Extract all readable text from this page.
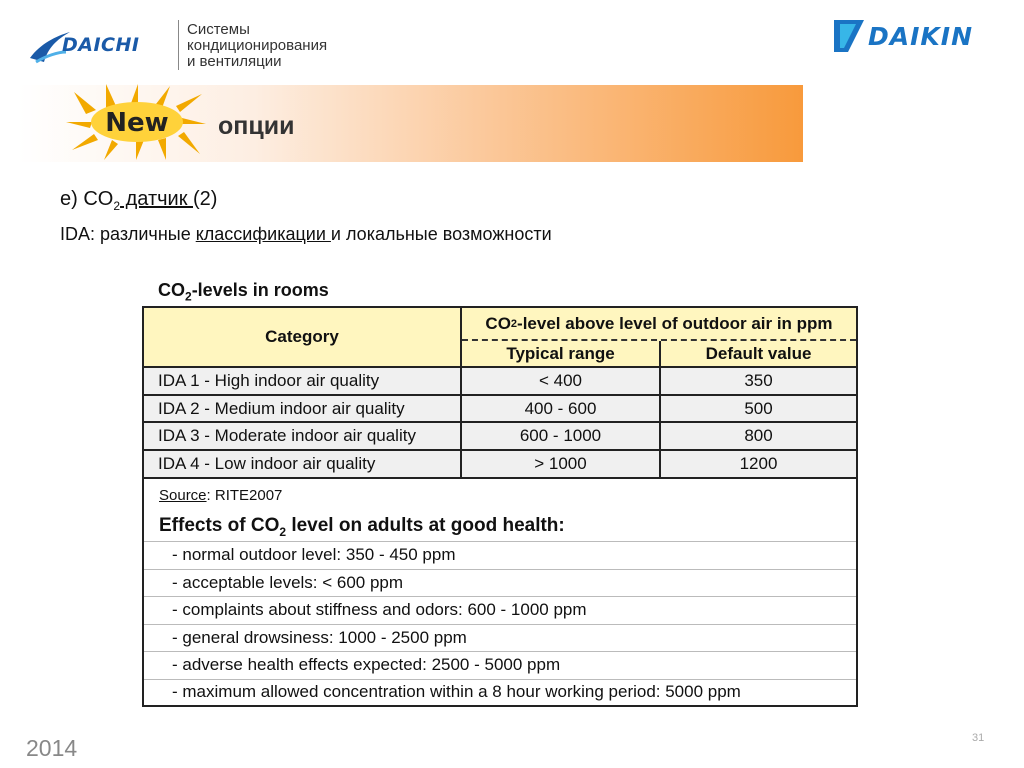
DAICHI
Системы
кондиционирования
и вентиляции
DAIKIN
New опции
e) $CO_2$ датчик (2)
IDA: различные классификации и локальные возможности
$CO_2$-levels in rooms
Category
CO 2 -level above level of outdoor air in ppm
Typical range	Default value
IDA 1 - High indoor air quality	< 400	350
IDA 2 - Medium indoor air quality	400 - 600	500
IDA 3 - Moderate indoor air quality	600 - 1000	800
IDA 4 - Low indoor air quality	> 1000	1200
Source: RITE2007
Effects of $CO_2$ level on adults at good health:
- normal outdoor level: 350 - 450 ppm
- acceptable levels: < 600 ppm
- complaints about stiffness and odors: 600 - 1000 ppm
- general drowsiness: 1000 - 2500 ppm
- adverse health effects expected: 2500 - 5000 ppm
- maximum allowed concentration within a 8 hour working period: 5000 ppm
2014	31
